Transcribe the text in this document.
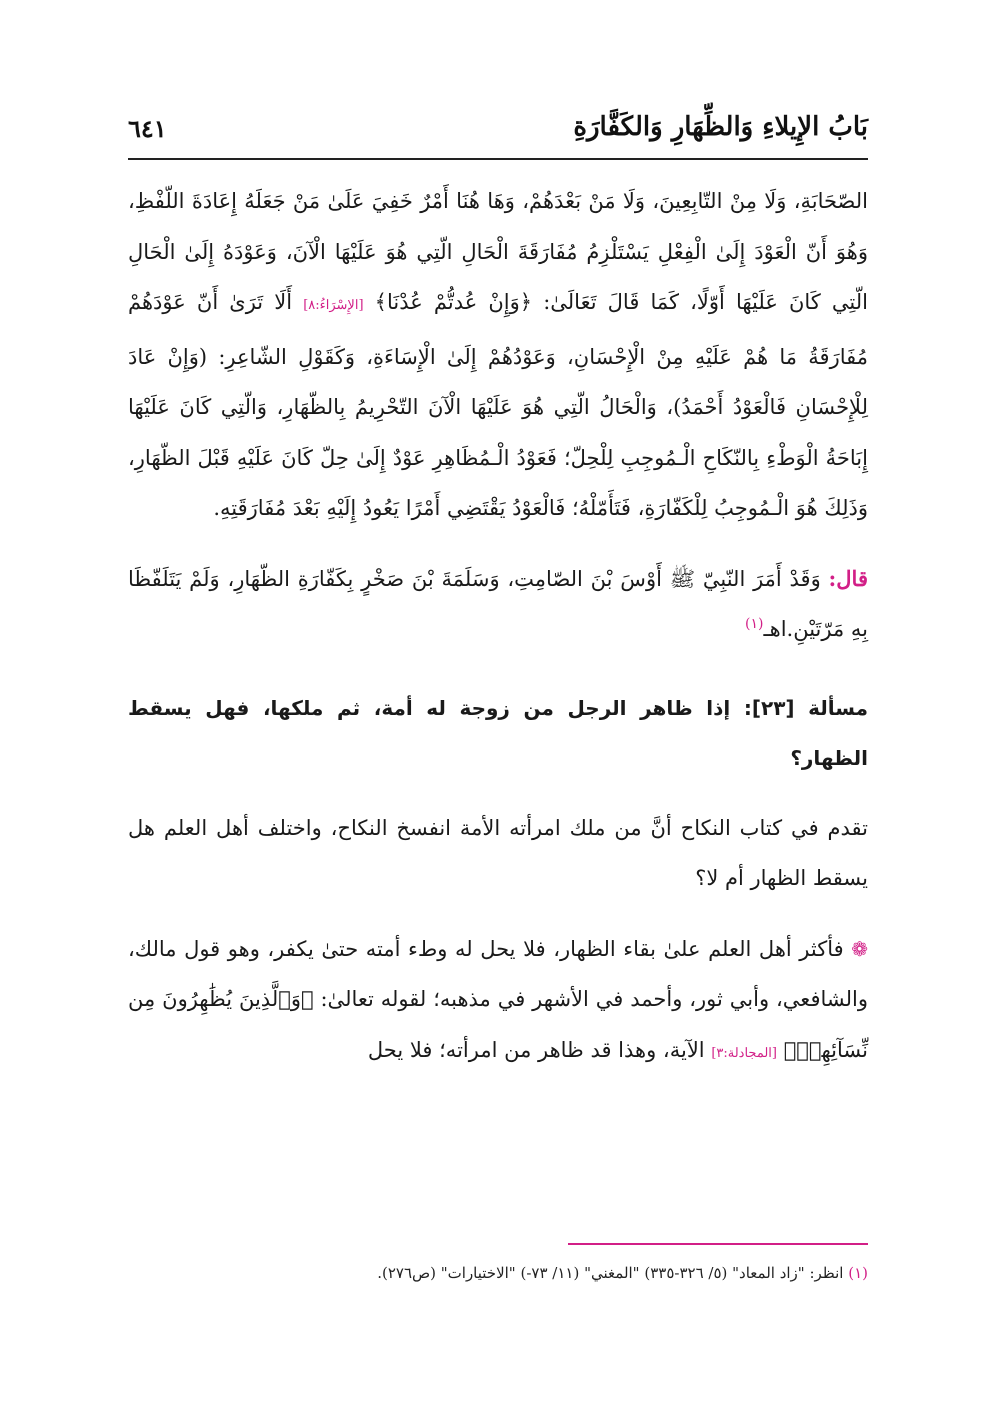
بَابُ الإِيلاءِ وَالظِّهَارِ وَالكَفَّارَةِ
٦٤١

الصّحَابَةِ، وَلَا مِنْ التّابِعِينَ، وَلَا مَنْ بَعْدَهُمْ، وَهَا هُنَا أَمْرٌ خَفِيَ عَلَىٰ مَنْ جَعَلَهُ إِعَادَةَ اللّفْظِ، وَهُوَ أَنّ الْعَوْدَ إِلَىٰ الْفِعْلِ يَسْتَلْزِمُ مُفَارَقَةَ الْحَالِ الّتِي هُوَ عَلَيْهَا الْآنَ، وَعَوْدَهُ إِلَىٰ الْحَالِ الّتِي كَانَ عَلَيْهَا أَوّلًا، كَمَا قَالَ تَعَالَىٰ: ﴿وَإِنْ عُدتُّمْ عُدْنَا﴾ [الإِسْرَاءُ:٨] أَلَا تَرَىٰ أَنّ عَوْدَهُمْ مُفَارَقَةُ مَا هُمْ عَلَيْهِ مِنْ الْإِحْسَانِ، وَعَوْدُهُمْ إِلَىٰ الْإِسَاءَةِ، وَكَقَوْلِ الشّاعِرِ: (وَإِنْ عَادَ لِلْإِحْسَانِ فَالْعَوْدُ أَحْمَدُ)، وَالْحَالُ الّتِي هُوَ عَلَيْهَا الْآنَ التّحْرِيمُ بِالظّهَارِ، وَالّتِي كَانَ عَلَيْهَا إِبَاحَةُ الْوَطْءِ بِالنّكَاحِ الْـمُوجِبِ لِلْحِلّ؛ فَعَوْدُ الْـمُظَاهِرِ عَوْدٌ إِلَىٰ حِلّ كَانَ عَلَيْهِ قَبْلَ الظّهَارِ، وَذَلِكَ هُوَ الْـمُوجِبُ لِلْكَفّارَةِ، فَتَأَمّلْهُ؛ فَالْعَوْدُ يَقْتَضِي أَمْرًا يَعُودُ إِلَيْهِ بَعْدَ مُفَارَقَتِهِ.

قال: وَقَدْ أَمَرَ النّبِيّ ﷺ أَوْسَ بْنَ الصّامِتِ، وَسَلَمَةَ بْنَ صَخْرٍ بِكَفّارَةِ الظّهَارِ، وَلَمْ يَتَلَفّظَا بِهِ مَرّتَيْنِ.اهـ$^{(١)}$

مسألة [٢٣]: إذا ظاهر الرجل من زوجة له أمة، ثم ملكها، فهل يسقط الظهار؟

تقدم في كتاب النكاح أنَّ من ملك امرأته الأمة انفسخ النكاح، واختلف أهل العلم هل يسقط الظهار أم لا؟

❁ فأكثر أهل العلم علىٰ بقاء الظهار، فلا يحل له وطء أمته حتىٰ يكفر، وهو قول مالك، والشافعي، وأبي ثور، وأحمد في الأشهر في مذهبه؛ لقوله تعالىٰ: ﴿وَٱلَّذِينَ يُظَٰهِرُونَ مِن نِّسَآئِهِمۡ﴾ [المجادلة:٣] الآية، وهذا قد ظاهر من امرأته؛ فلا يحل

(١) انظر: "زاد المعاد" (٥/ ٣٢٦-٣٣٥) "المغني" (١١/ ٧٣-) "الاختيارات" (ص٢٧٦).
